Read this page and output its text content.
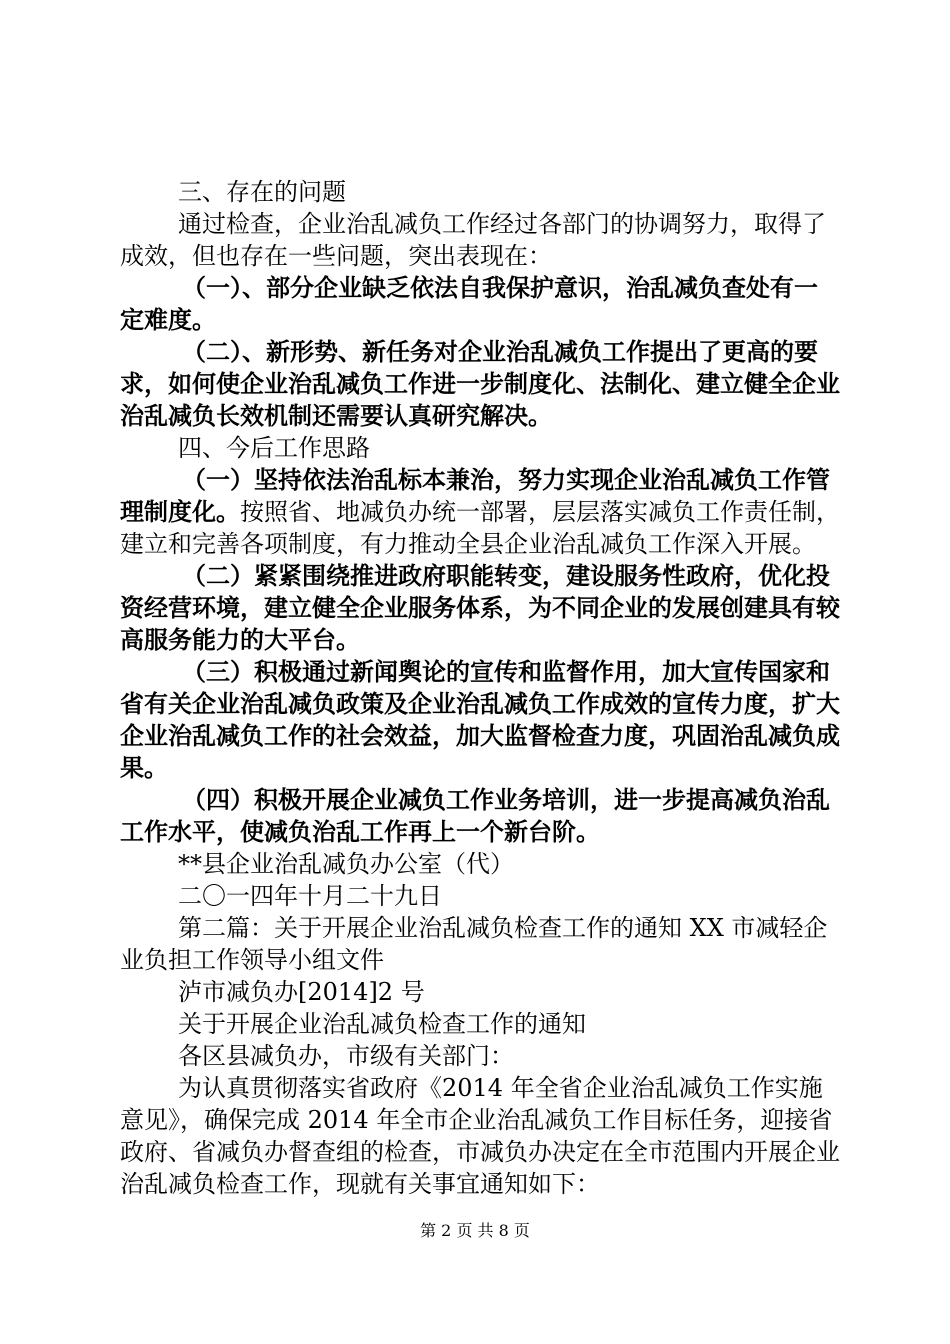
三、存在的问题

通过检查，企业治乱减负工作经过各部门的协调努力，取得了成效，但也存在一些问题，突出表现在：

（一）、部分企业缺乏依法自我保护意识，治乱减负查处有一定难度。

（二）、新形势、新任务对企业治乱减负工作提出了更高的要求，如何使企业治乱减负工作进一步制度化、法制化、建立健全企业治乱减负长效机制还需要认真研究解决。

四、今后工作思路

（一）坚持依法治乱标本兼治，努力实现企业治乱减负工作管理制度化。按照省、地减负办统一部署，层层落实减负工作责任制，建立和完善各项制度，有力推动全县企业治乱减负工作深入开展。

（二）紧紧围绕推进政府职能转变，建设服务性政府，优化投资经营环境，建立健全企业服务体系，为不同企业的发展创建具有较高服务能力的大平台。

（三）积极通过新闻舆论的宣传和监督作用，加大宣传国家和省有关企业治乱减负政策及企业治乱减负工作成效的宣传力度，扩大企业治乱减负工作的社会效益，加大监督检查力度，巩固治乱减负成果。

（四）积极开展企业减负工作业务培训，进一步提高减负治乱工作水平，使减负治乱工作再上一个新台阶。

**县企业治乱减负办公室（代）

二〇一四年十月二十九日

第二篇：关于开展企业治乱减负检查工作的通知 XX 市减轻企业负担工作领导小组文件

泸市减负办[2014]2 号

关于开展企业治乱减负检查工作的通知

各区县减负办，市级有关部门：

为认真贯彻落实省政府《2014 年全省企业治乱减负工作实施意见》，确保完成 2014 年全市企业治乱减负工作目标任务，迎接省政府、省减负办督查组的检查，市减负办决定在全市范围内开展企业治乱减负检查工作，现就有关事宜通知如下：

第 2 页 共 8 页
